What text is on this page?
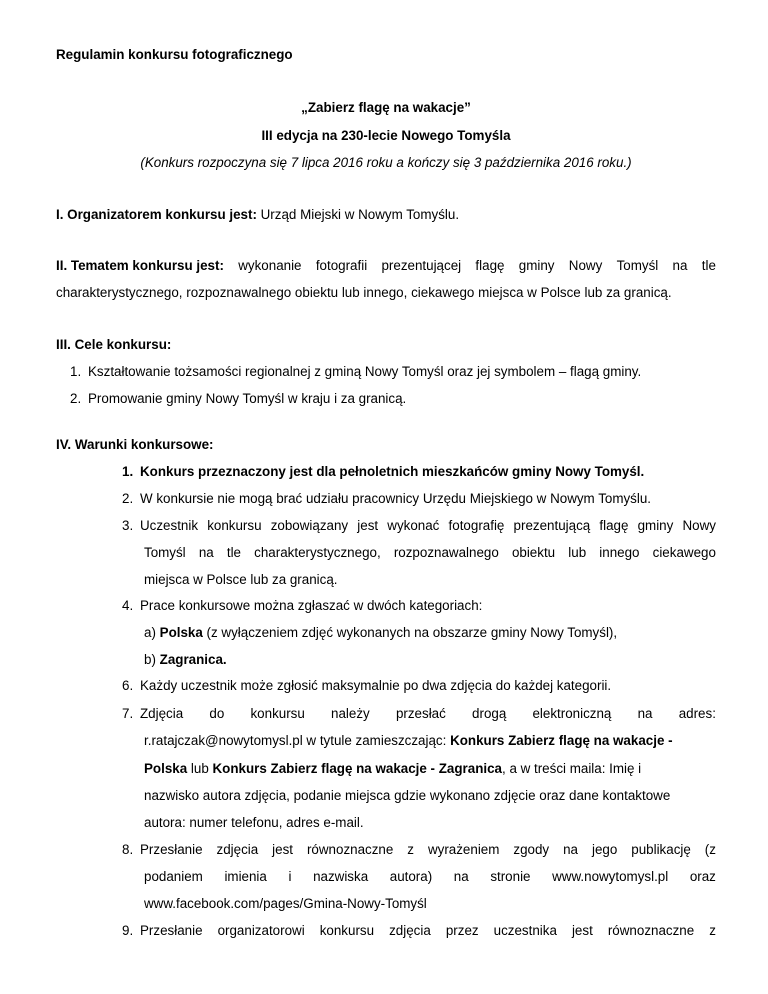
Regulamin konkursu fotograficznego
„Zabierz flagę na wakacje”
III edycja na 230-lecie Nowego Tomyśla
(Konkurs rozpoczyna się 7 lipca 2016 roku a kończy się 3 października 2016 roku.)
I. Organizatorem konkursu jest: Urząd Miejski w Nowym Tomyślu.
II. Tematem konkursu jest: wykonanie fotografii prezentującej flagę gminy Nowy Tomyśl na tle
charakterystycznego, rozpoznawalnego obiektu lub innego, ciekawego miejsca w Polsce lub za granicą.
III. Cele konkursu:
1. Kształtowanie tożsamości regionalnej z gminą Nowy Tomyśl oraz jej symbolem – flagą gminy.
2. Promowanie gminy Nowy Tomyśl w kraju i za granicą.
IV. Warunki konkursowe:
1. Konkurs przeznaczony jest dla pełnoletnich mieszkańców gminy Nowy Tomyśl.
2. W konkursie nie mogą brać udziału pracownicy Urzędu Miejskiego w Nowym Tomyślu.
3. Uczestnik konkursu zobowiązany jest wykonać fotografię prezentującą flagę gminy Nowy
Tomyśl na tle charakterystycznego, rozpoznawalnego obiektu lub innego ciekawego
miejsca w Polsce lub za granicą.
4. Prace konkursowe można zgłaszać w dwóch kategoriach:
a) Polska (z wyłączeniem zdjęć wykonanych na obszarze gminy Nowy Tomyśl),
b) Zagranica.
6. Każdy uczestnik może zgłosić maksymalnie po dwa zdjęcia do każdej kategorii.
7. Zdjęcia do konkursu należy przesłać drogą elektroniczną na adres:
r.ratajczak@nowytomysl.pl w tytule zamieszczając: Konkurs Zabierz flagę na wakacje -
Polska lub Konkurs Zabierz flagę na wakacje - Zagranica, a w treści maila: Imię i
nazwisko autora zdjęcia, podanie miejsca gdzie wykonano zdjęcie oraz dane kontaktowe
autora: numer telefonu, adres e-mail.
8. Przesłanie zdjęcia jest równoznaczne z wyrażeniem zgody na jego publikację (z
podaniem imienia i nazwiska autora) na stronie www.nowytomysl.pl oraz
www.facebook.com/pages/Gmina-Nowy-Tomyśl
9. Przesłanie organizatorowi konkursu zdjęcia przez uczestnika jest równoznaczne z
